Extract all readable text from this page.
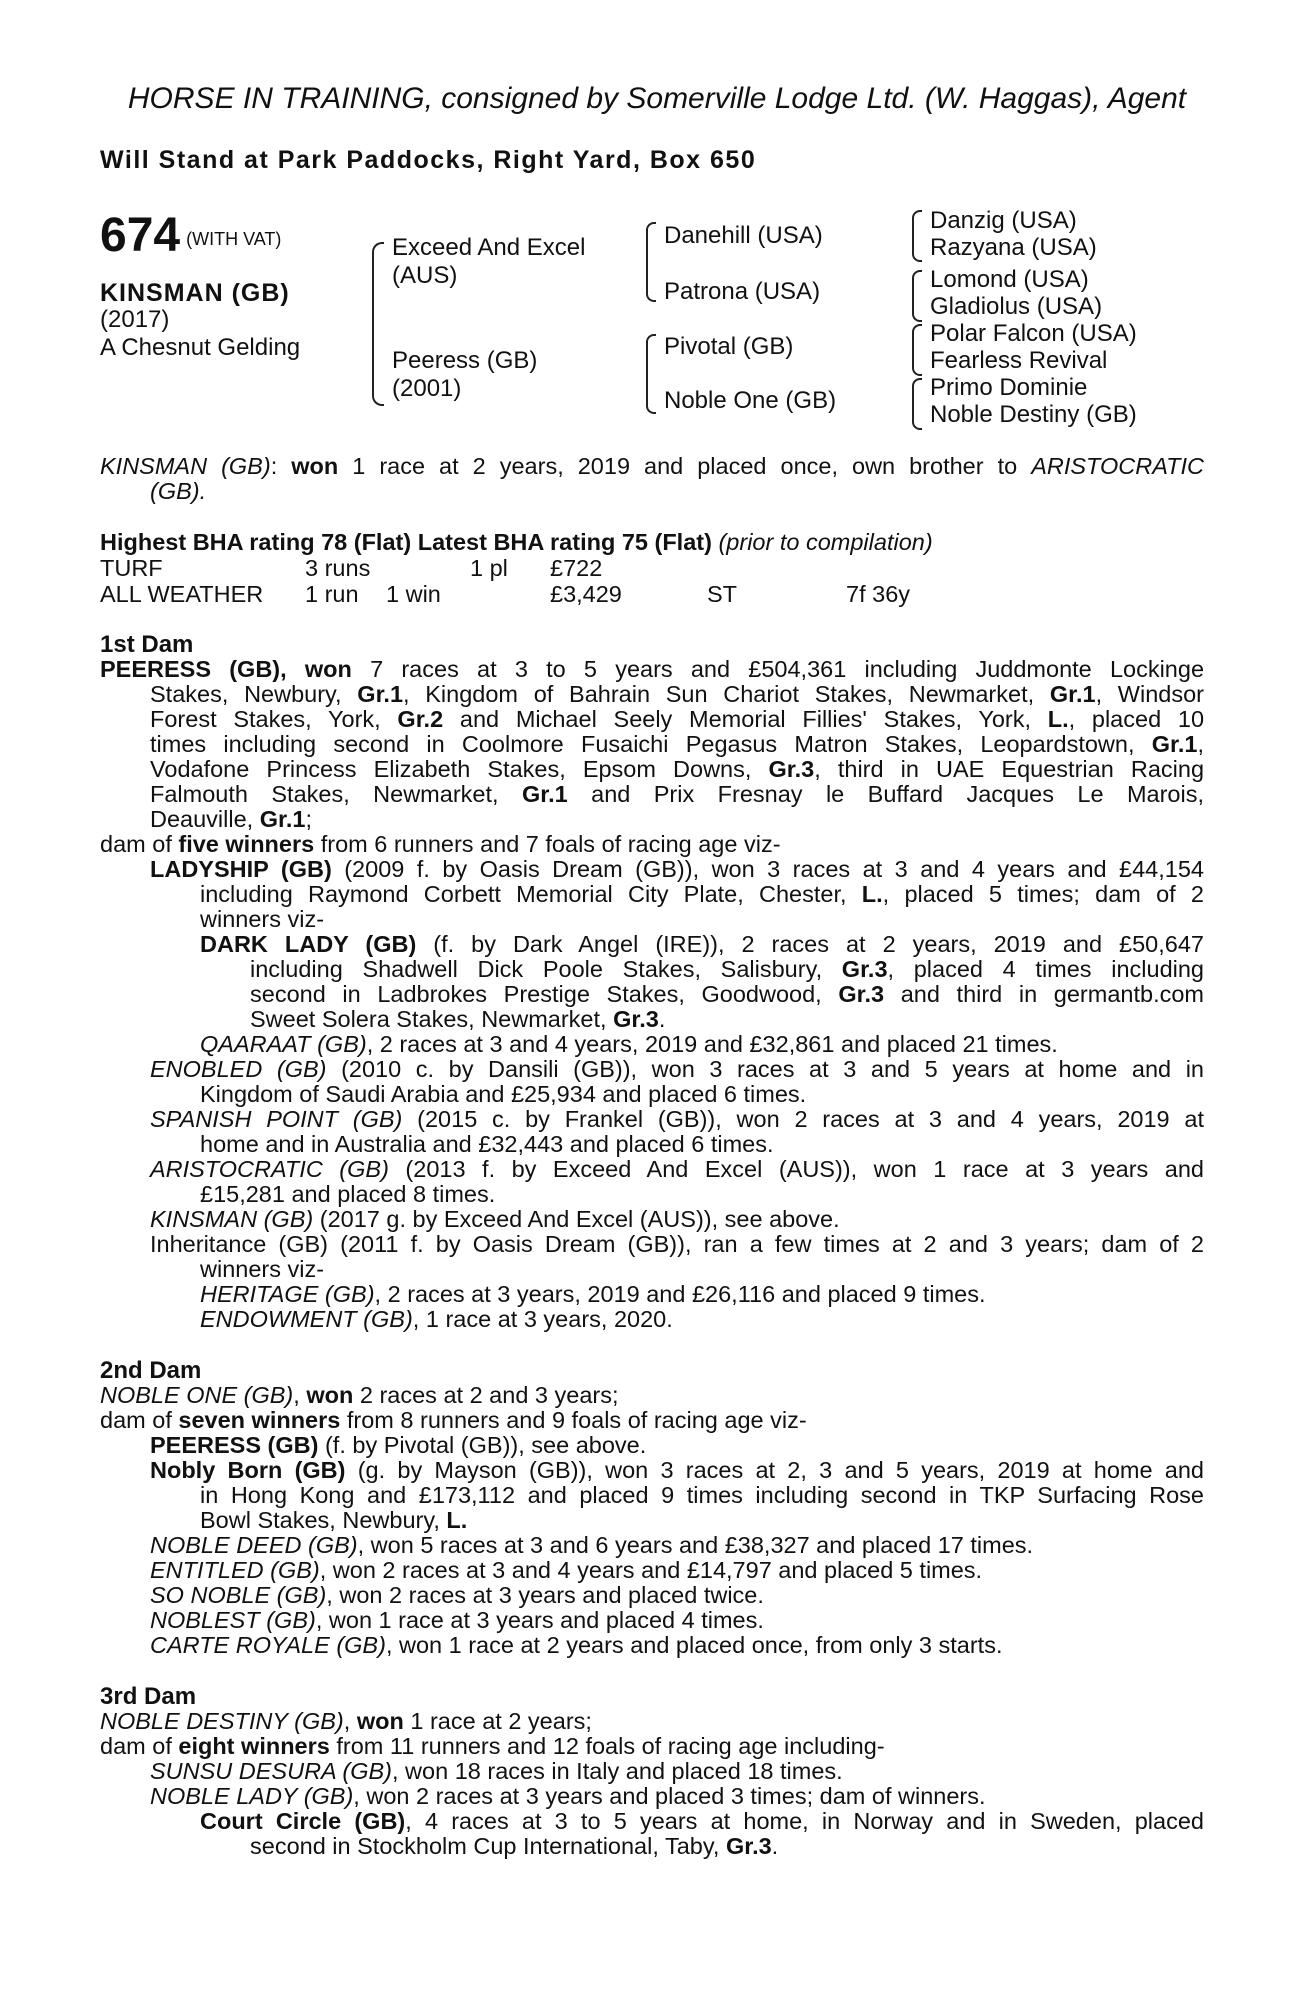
HORSE IN TRAINING, consigned by Somerville Lodge Ltd. (W. Haggas), Agent
Will Stand at Park Paddocks, Right Yard, Box 650
674 (WITH VAT)
KINSMAN (GB)
(2017)
A Chesnut Gelding
Exceed And Excel
(AUS)
Peeress (GB)
(2001)
Danehill (USA)
Patrona (USA)
Pivotal (GB)
Noble One (GB)
Danzig (USA)
Razyana (USA)
Lomond (USA)
Gladiolus (USA)
Polar Falcon (USA)
Fearless Revival
Primo Dominie
Noble Destiny (GB)
KINSMAN (GB): won 1 race at 2 years, 2019 and placed once, own brother to ARISTOCRATIC
(GB).
Highest BHA rating 78 (Flat) Latest BHA rating 75 (Flat) (prior to compilation)
TURF	3 runs	1 pl £722
ALL WEATHER 1 run 1 win	£3,429	ST	7f 36y
1st Dam
PEERESS (GB), won 7 races at 3 to 5 years and £504,361 including Juddmonte Lockinge
Stakes, Newbury, Gr.1, Kingdom of Bahrain Sun Chariot Stakes, Newmarket, Gr.1, Windsor
Forest Stakes, York, Gr.2 and Michael Seely Memorial Fillies' Stakes, York, L., placed 10
times including second in Coolmore Fusaichi Pegasus Matron Stakes, Leopardstown, Gr.1,
Vodafone Princess Elizabeth Stakes, Epsom Downs, Gr.3, third in UAE Equestrian Racing
Falmouth Stakes, Newmarket, Gr.1 and Prix Fresnay le Buffard Jacques Le Marois,
Deauville, Gr.1;
dam of five winners from 6 runners and 7 foals of racing age viz-
LADYSHIP (GB) (2009 f. by Oasis Dream (GB)), won 3 races at 3 and 4 years and £44,154
including Raymond Corbett Memorial City Plate, Chester, L., placed 5 times; dam of 2
winners viz-
DARK LADY (GB) (f. by Dark Angel (IRE)), 2 races at 2 years, 2019 and £50,647
including Shadwell Dick Poole Stakes, Salisbury, Gr.3, placed 4 times including
second in Ladbrokes Prestige Stakes, Goodwood, Gr.3 and third in germantb.com
Sweet Solera Stakes, Newmarket, Gr.3.
QAARAAT (GB), 2 races at 3 and 4 years, 2019 and £32,861 and placed 21 times.
ENOBLED (GB) (2010 c. by Dansili (GB)), won 3 races at 3 and 5 years at home and in
Kingdom of Saudi Arabia and £25,934 and placed 6 times.
SPANISH POINT (GB) (2015 c. by Frankel (GB)), won 2 races at 3 and 4 years, 2019 at
home and in Australia and £32,443 and placed 6 times.
ARISTOCRATIC (GB) (2013 f. by Exceed And Excel (AUS)), won 1 race at 3 years and
£15,281 and placed 8 times.
KINSMAN (GB) (2017 g. by Exceed And Excel (AUS)), see above.
Inheritance (GB) (2011 f. by Oasis Dream (GB)), ran a few times at 2 and 3 years; dam of 2
winners viz-
HERITAGE (GB), 2 races at 3 years, 2019 and £26,116 and placed 9 times.
ENDOWMENT (GB), 1 race at 3 years, 2020.
2nd Dam
NOBLE ONE (GB), won 2 races at 2 and 3 years;
dam of seven winners from 8 runners and 9 foals of racing age viz-
PEERESS (GB) (f. by Pivotal (GB)), see above.
Nobly Born (GB) (g. by Mayson (GB)), won 3 races at 2, 3 and 5 years, 2019 at home and
in Hong Kong and £173,112 and placed 9 times including second in TKP Surfacing Rose
Bowl Stakes, Newbury, L.
NOBLE DEED (GB), won 5 races at 3 and 6 years and £38,327 and placed 17 times.
ENTITLED (GB), won 2 races at 3 and 4 years and £14,797 and placed 5 times.
SO NOBLE (GB), won 2 races at 3 years and placed twice.
NOBLEST (GB), won 1 race at 3 years and placed 4 times.
CARTE ROYALE (GB), won 1 race at 2 years and placed once, from only 3 starts.
3rd Dam
NOBLE DESTINY (GB), won 1 race at 2 years;
dam of eight winners from 11 runners and 12 foals of racing age including-
SUNSU DESURA (GB), won 18 races in Italy and placed 18 times.
NOBLE LADY (GB), won 2 races at 3 years and placed 3 times; dam of winners.
Court Circle (GB), 4 races at 3 to 5 years at home, in Norway and in Sweden, placed
second in Stockholm Cup International, Taby, Gr.3.
